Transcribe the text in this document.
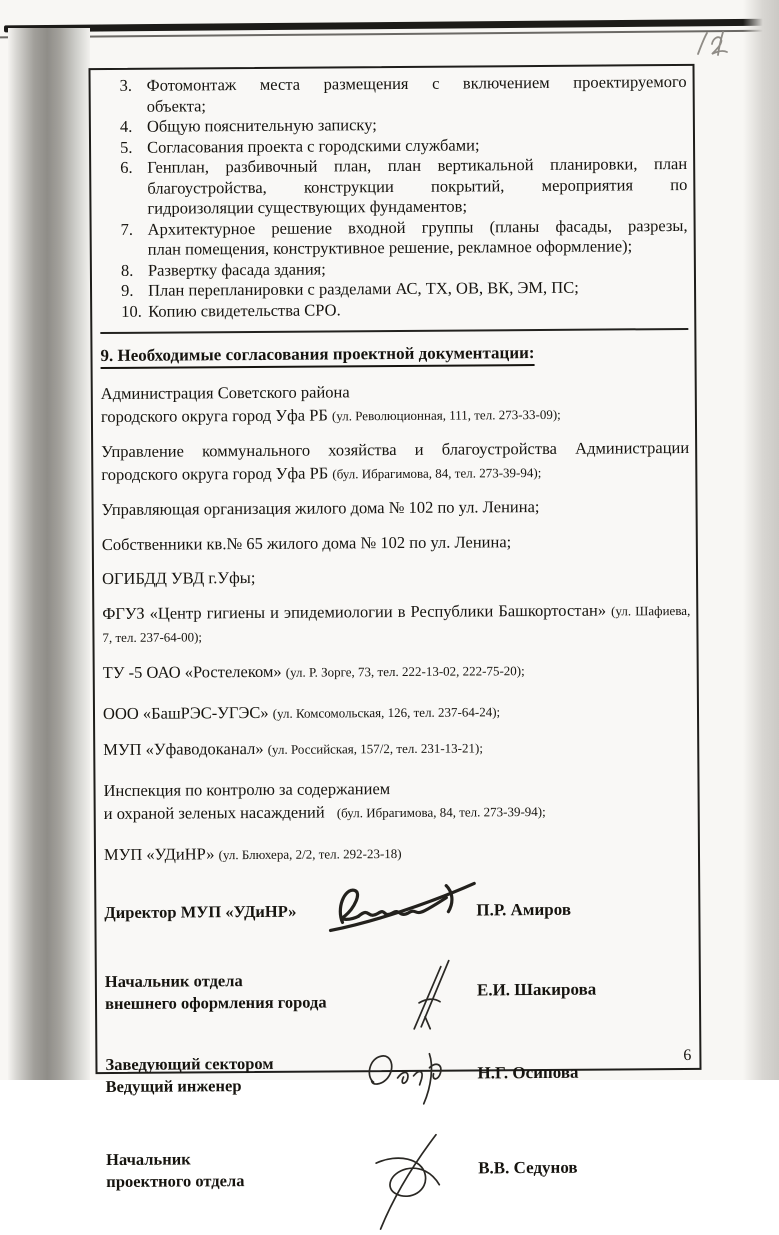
3. Фотомонтаж места размещения с включением проектируемого
объекта;
4. Общую пояснительную записку;
5. Согласования проекта с городскими службами;
6. Генплан, разбивочный план, план вертикальной планировки, план
благоустройства, конструкции покрытий, мероприятия по
гидроизоляции существующих фундаментов;
7. Архитектурное решение входной группы (планы фасады, разрезы,
план помещения, конструктивное решение, рекламное оформление);
8. Развертку фасада здания;
9. План перепланировки с разделами АС, ТХ, ОВ, ВК, ЭМ, ПС;
10. Копию свидетельства СРО.
9. Необходимые согласования проектной документации:

Администрация Советского района
городского округа город Уфа РБ (ул. Революционная, 111, тел. 273-33-09);

Управление коммунального хозяйства и благоустройства Администрации
городского округа город Уфа РБ (бул. Ибрагимова, 84, тел. 273-39-94);

Управляющая организация жилого дома № 102 по ул. Ленина;

Собственники кв.№ 65 жилого дома № 102 по ул. Ленина;

ОГИБДД УВД г.Уфы;

ФГУЗ «Центр гигиены и эпидемиологии в Республики Башкортостан» (ул. Шафиева, 7, тел. 237-64-00);

ТУ -5 ОАО «Ростелеком» (ул. Р. Зорге, 73, тел. 222-13-02, 222-75-20);

ООО «БашРЭС-УГЭС» (ул. Комсомольская, 126, тел. 237-64-24);

МУП «Уфаводоканал» (ул. Российская, 157/2, тел. 231-13-21);

Инспекция по контролю за содержанием
и охраной зеленых насаждений (бул. Ибрагимова, 84, тел. 273-39-94);

МУП «УДиНР» (ул. Блюхера, 2/2, тел. 292-23-18)

Директор МУП «УДиНР»	П.Р. Амиров
Начальник отдела
внешнего оформления города
Е.И. Шакирова
Заведующий сектором
Ведущий инженер
Н.Г. Осипова
Начальник
проектного отдела
В.В. Седунов
6
